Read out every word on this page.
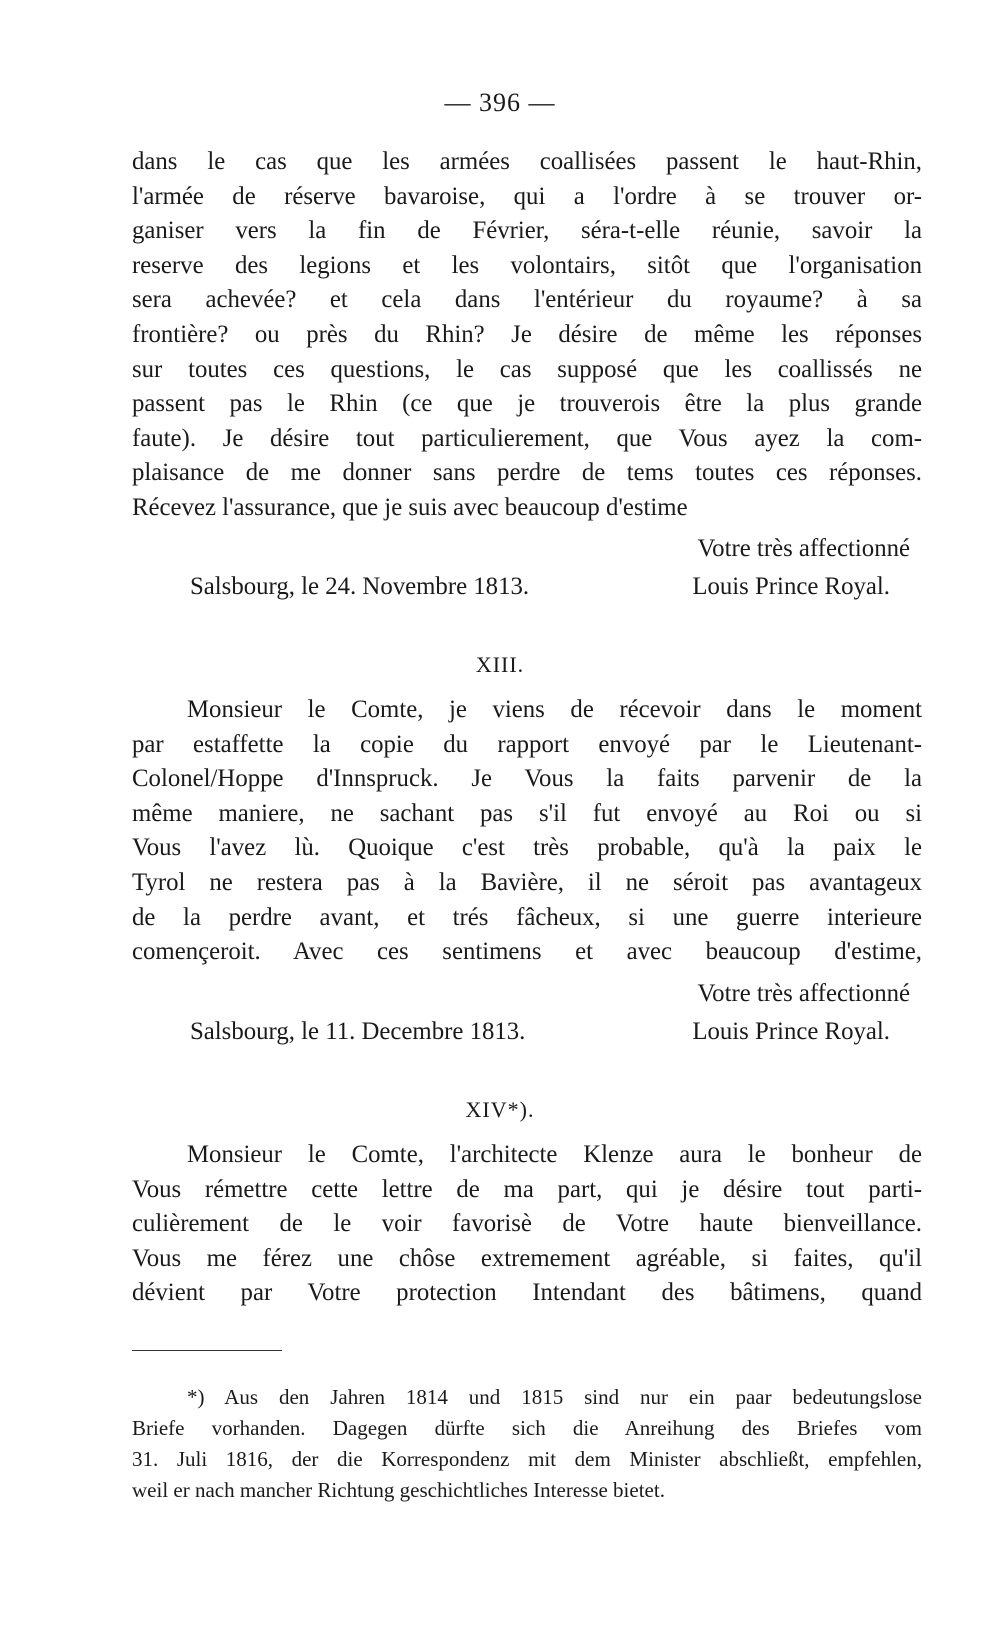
— 396 —

dans le cas que les armées coallisées passent le haut-Rhin,
l'armée de réserve bavaroise, qui a l'ordre à se trouver or-
ganiser vers la fin de Février, séra-t-elle réunie, savoir la
reserve des legions et les volontairs, sitôt que l'organisation
sera achevée? et cela dans l'entérieur du royaume? à sa
frontière? ou près du Rhin? Je désire de même les réponses
sur toutes ces questions, le cas supposé que les coallissés ne
passent pas le Rhin (ce que je trouverois être la plus grande
faute). Je désire tout particulierement, que Vous ayez la com-
plaisance de me donner sans perdre de tems toutes ces réponses.
Récevez l'assurance, que je suis avec beaucoup d'estime

Votre très affectionné
Salsbourg, le 24. Novembre 1813.	Louis Prince Royal.
XIII.

Monsieur le Comte, je viens de récevoir dans le moment
par estaffette la copie du rapport envoyé par le Lieutenant-
Colonel/Hoppe d'Innspruck. Je Vous la faits parvenir de la
même maniere, ne sachant pas s'il fut envoyé au Roi ou si
Vous l'avez lù. Quoique c'est très probable, qu'à la paix le
Tyrol ne restera pas à la Bavière, il ne séroit pas avantageux
de la perdre avant, et trés fâcheux, si une guerre interieure
començeroit. Avec ces sentimens et avec beaucoup d'estime,

Votre très affectionné
Salsbourg, le 11. Decembre 1813.	Louis Prince Royal.
XIV*).

Monsieur le Comte, l'architecte Klenze aura le bonheur de
Vous rémettre cette lettre de ma part, qui je désire tout parti-
culièrement de le voir favorisè de Votre haute bienveillance.
Vous me férez une chôse extremement agréable, si faites, qu'il
dévient par Votre protection Intendant des bâtimens, quand

*) Aus den Jahren 1814 und 1815 sind nur ein paar bedeutungslose
Briefe vorhanden. Dagegen dürfte sich die Anreihung des Briefes vom
31. Juli 1816, der die Korrespondenz mit dem Minister abschließt, empfehlen,
weil er nach mancher Richtung geschichtliches Interesse bietet.
